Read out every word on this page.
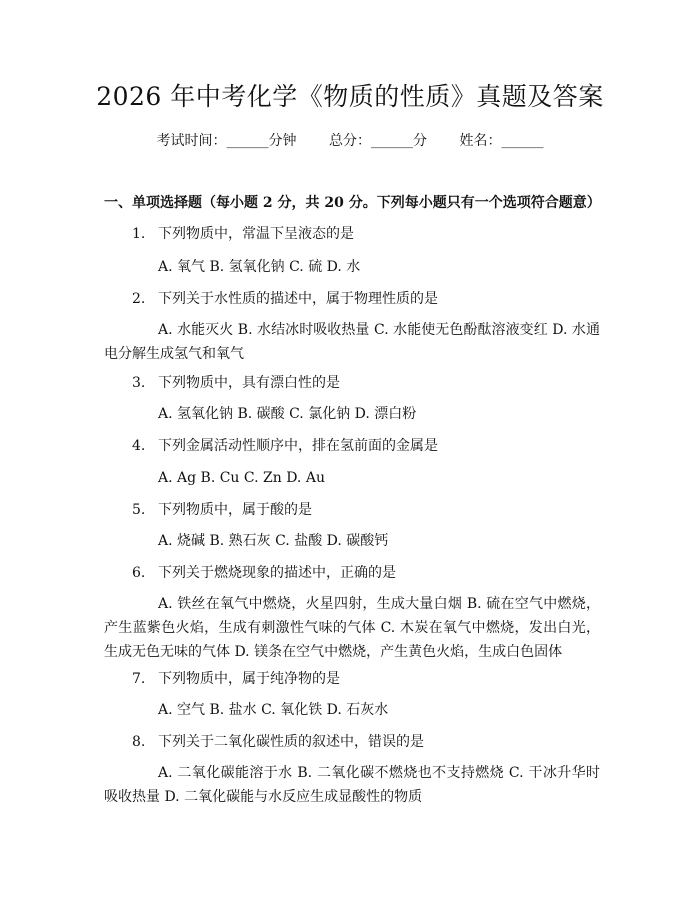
2026 年中考化学《物质的性质》真题及答案
考试时间：______分钟 总分：______分 姓名：______
一、单项选择题（每小题 2 分，共 20 分。下列每小题只有一个选项符合题意）
1. 下列物质中，常温下呈液态的是
A. 氧气 B. 氢氧化钠 C. 硫 D. 水
2. 下列关于水性质的描述中，属于物理性质的是
A. 水能灭火 B. 水结冰时吸收热量 C. 水能使无色酚酞溶液变红 D. 水通电分解生成氢气和氧气
3. 下列物质中，具有漂白性的是
A. 氢氧化钠 B. 碳酸 C. 氯化钠 D. 漂白粉
4. 下列金属活动性顺序中，排在氢前面的金属是
A. Ag B. Cu C. Zn D. Au
5. 下列物质中，属于酸的是
A. 烧碱 B. 熟石灰 C. 盐酸 D. 碳酸钙
6. 下列关于燃烧现象的描述中，正确的是
A. 铁丝在氧气中燃烧，火星四射，生成大量白烟 B. 硫在空气中燃烧，产生蓝紫色火焰，生成有刺激性气味的气体 C. 木炭在氧气中燃烧，发出白光，生成无色无味的气体 D. 镁条在空气中燃烧，产生黄色火焰，生成白色固体
7. 下列物质中，属于纯净物的是
A. 空气 B. 盐水 C. 氧化铁 D. 石灰水
8. 下列关于二氧化碳性质的叙述中，错误的是
A. 二氧化碳能溶于水 B. 二氧化碳不燃烧也不支持燃烧 C. 干冰升华时吸收热量 D. 二氧化碳能与水反应生成显酸性的物质
